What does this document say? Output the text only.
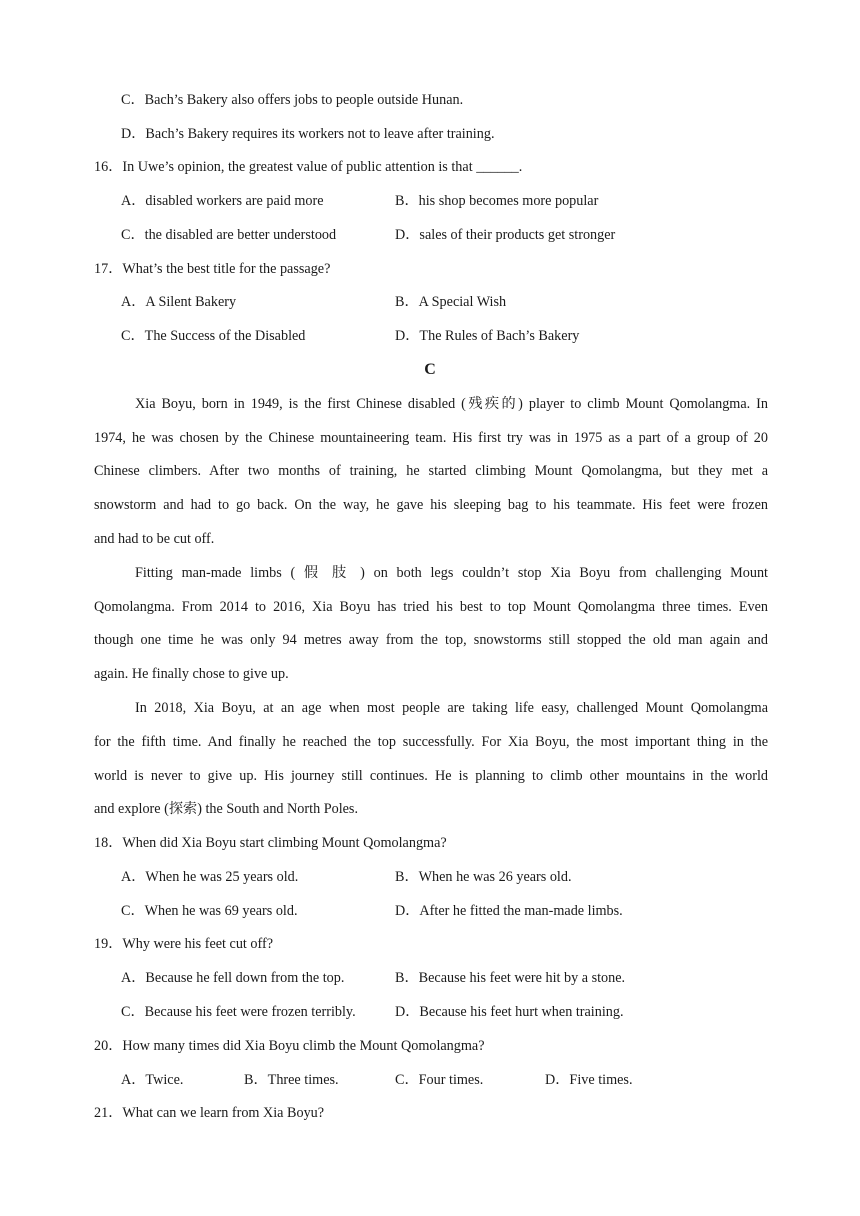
C．Bach’s Bakery also offers jobs to people outside Hunan.
D．Bach’s Bakery requires its workers not to leave after training.
16．In Uwe’s opinion, the greatest value of public attention is that ______.
A．disabled workers are paid more	B．his shop becomes more popular
C．the disabled are better understood	D．sales of their products get stronger
17．What’s the best title for the passage?
A．A Silent Bakery	B．A Special Wish
C．The Success of the Disabled	D．The Rules of Bach’s Bakery
C
Xia Boyu, born in 1949, is the first Chinese disabled (残疾的) player to climb Mount Qomolangma. In
1974, he was chosen by the Chinese mountaineering team. His first try was in 1975 as a part of a group of 20
Chinese climbers. After two months of training, he started climbing Mount Qomolangma, but they met a
snowstorm and had to go back. On the way, he gave his sleeping bag to his teammate. His feet were frozen
and had to be cut off.
Fitting man-made limbs ( 假 肢 ) on both legs couldn’t stop Xia Boyu from challenging Mount
Qomolangma. From 2014 to 2016, Xia Boyu has tried his best to top Mount Qomolangma three times. Even
though one time he was only 94 metres away from the top, snowstorms still stopped the old man again and
again. He finally chose to give up.
In 2018, Xia Boyu, at an age when most people are taking life easy, challenged Mount Qomolangma
for the fifth time. And finally he reached the top successfully. For Xia Boyu, the most important thing in the
world is never to give up. His journey still continues. He is planning to climb other mountains in the world
and explore (探索) the South and North Poles.
18．When did Xia Boyu start climbing Mount Qomolangma?
A．When he was 25 years old.	B．When he was 26 years old.
C．When he was 69 years old.	D．After he fitted the man-made limbs.
19．Why were his feet cut off?
A．Because he fell down from the top.	B．Because his feet were hit by a stone.
C．Because his feet were frozen terribly.	D．Because his feet hurt when training.
20．How many times did Xia Boyu climb the Mount Qomolangma?
A．Twice.	B．Three times.	C．Four times.	D．Five times.
21．What can we learn from Xia Boyu?
